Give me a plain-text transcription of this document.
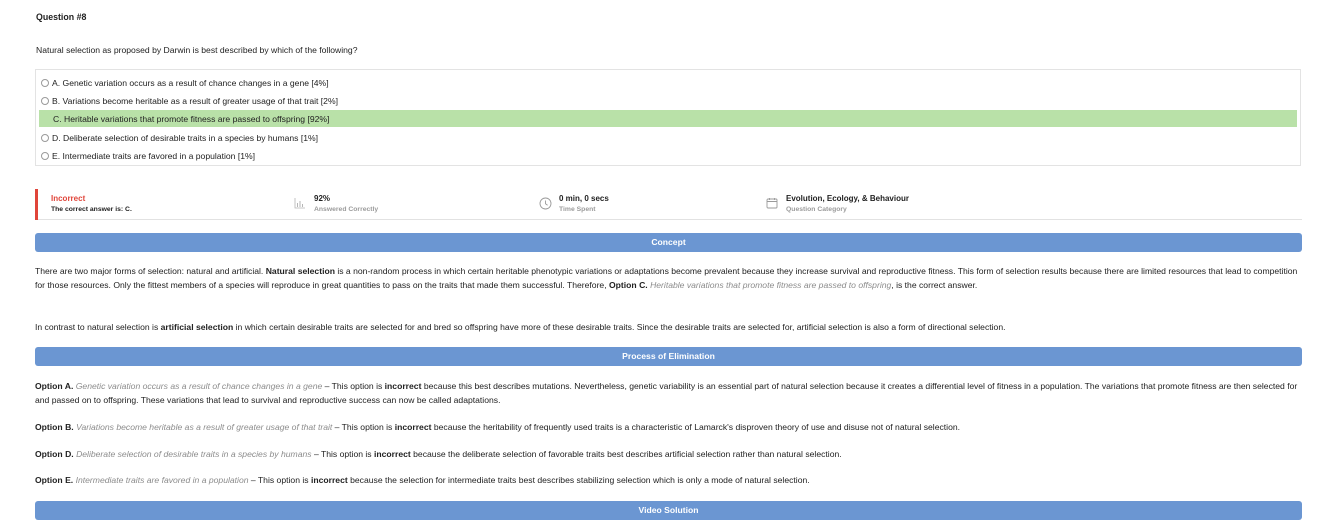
Question #8
Natural selection as proposed by Darwin is best described by which of the following?
A. Genetic variation occurs as a result of chance changes in a gene [4%]
B. Variations become heritable as a result of greater usage of that trait [2%]
C. Heritable variations that promote fitness are passed to offspring [92%]
D. Deliberate selection of desirable traits in a species by humans [1%]
E. Intermediate traits are favored in a population [1%]
Incorrect
The correct answer is: C.
92%
Answered Correctly
0 min, 0 secs
Time Spent
Evolution, Ecology, & Behaviour
Question Category
Concept
There are two major forms of selection: natural and artificial. Natural selection is a non-random process in which certain heritable phenotypic variations or adaptations become prevalent because they increase survival and reproductive fitness. This form of selection results because there are limited resources that lead to competition for those resources. Only the fittest members of a species will reproduce in great quantities to pass on the traits that made them successful. Therefore, Option C. Heritable variations that promote fitness are passed to offspring, is the correct answer.
In contrast to natural selection is artificial selection in which certain desirable traits are selected for and bred so offspring have more of these desirable traits. Since the desirable traits are selected for, artificial selection is also a form of directional selection.
Process of Elimination
Option A. Genetic variation occurs as a result of chance changes in a gene – This option is incorrect because this best describes mutations. Nevertheless, genetic variability is an essential part of natural selection because it creates a differential level of fitness in a population. The variations that promote fitness are then selected for and passed on to offspring. These variations that lead to survival and reproductive success can now be called adaptations.
Option B. Variations become heritable as a result of greater usage of that trait – This option is incorrect because the heritability of frequently used traits is a characteristic of Lamarck's disproven theory of use and disuse not of natural selection.
Option D. Deliberate selection of desirable traits in a species by humans – This option is incorrect because the deliberate selection of favorable traits best describes artificial selection rather than natural selection.
Option E. Intermediate traits are favored in a population – This option is incorrect because the selection for intermediate traits best describes stabilizing selection which is only a mode of natural selection.
Video Solution
